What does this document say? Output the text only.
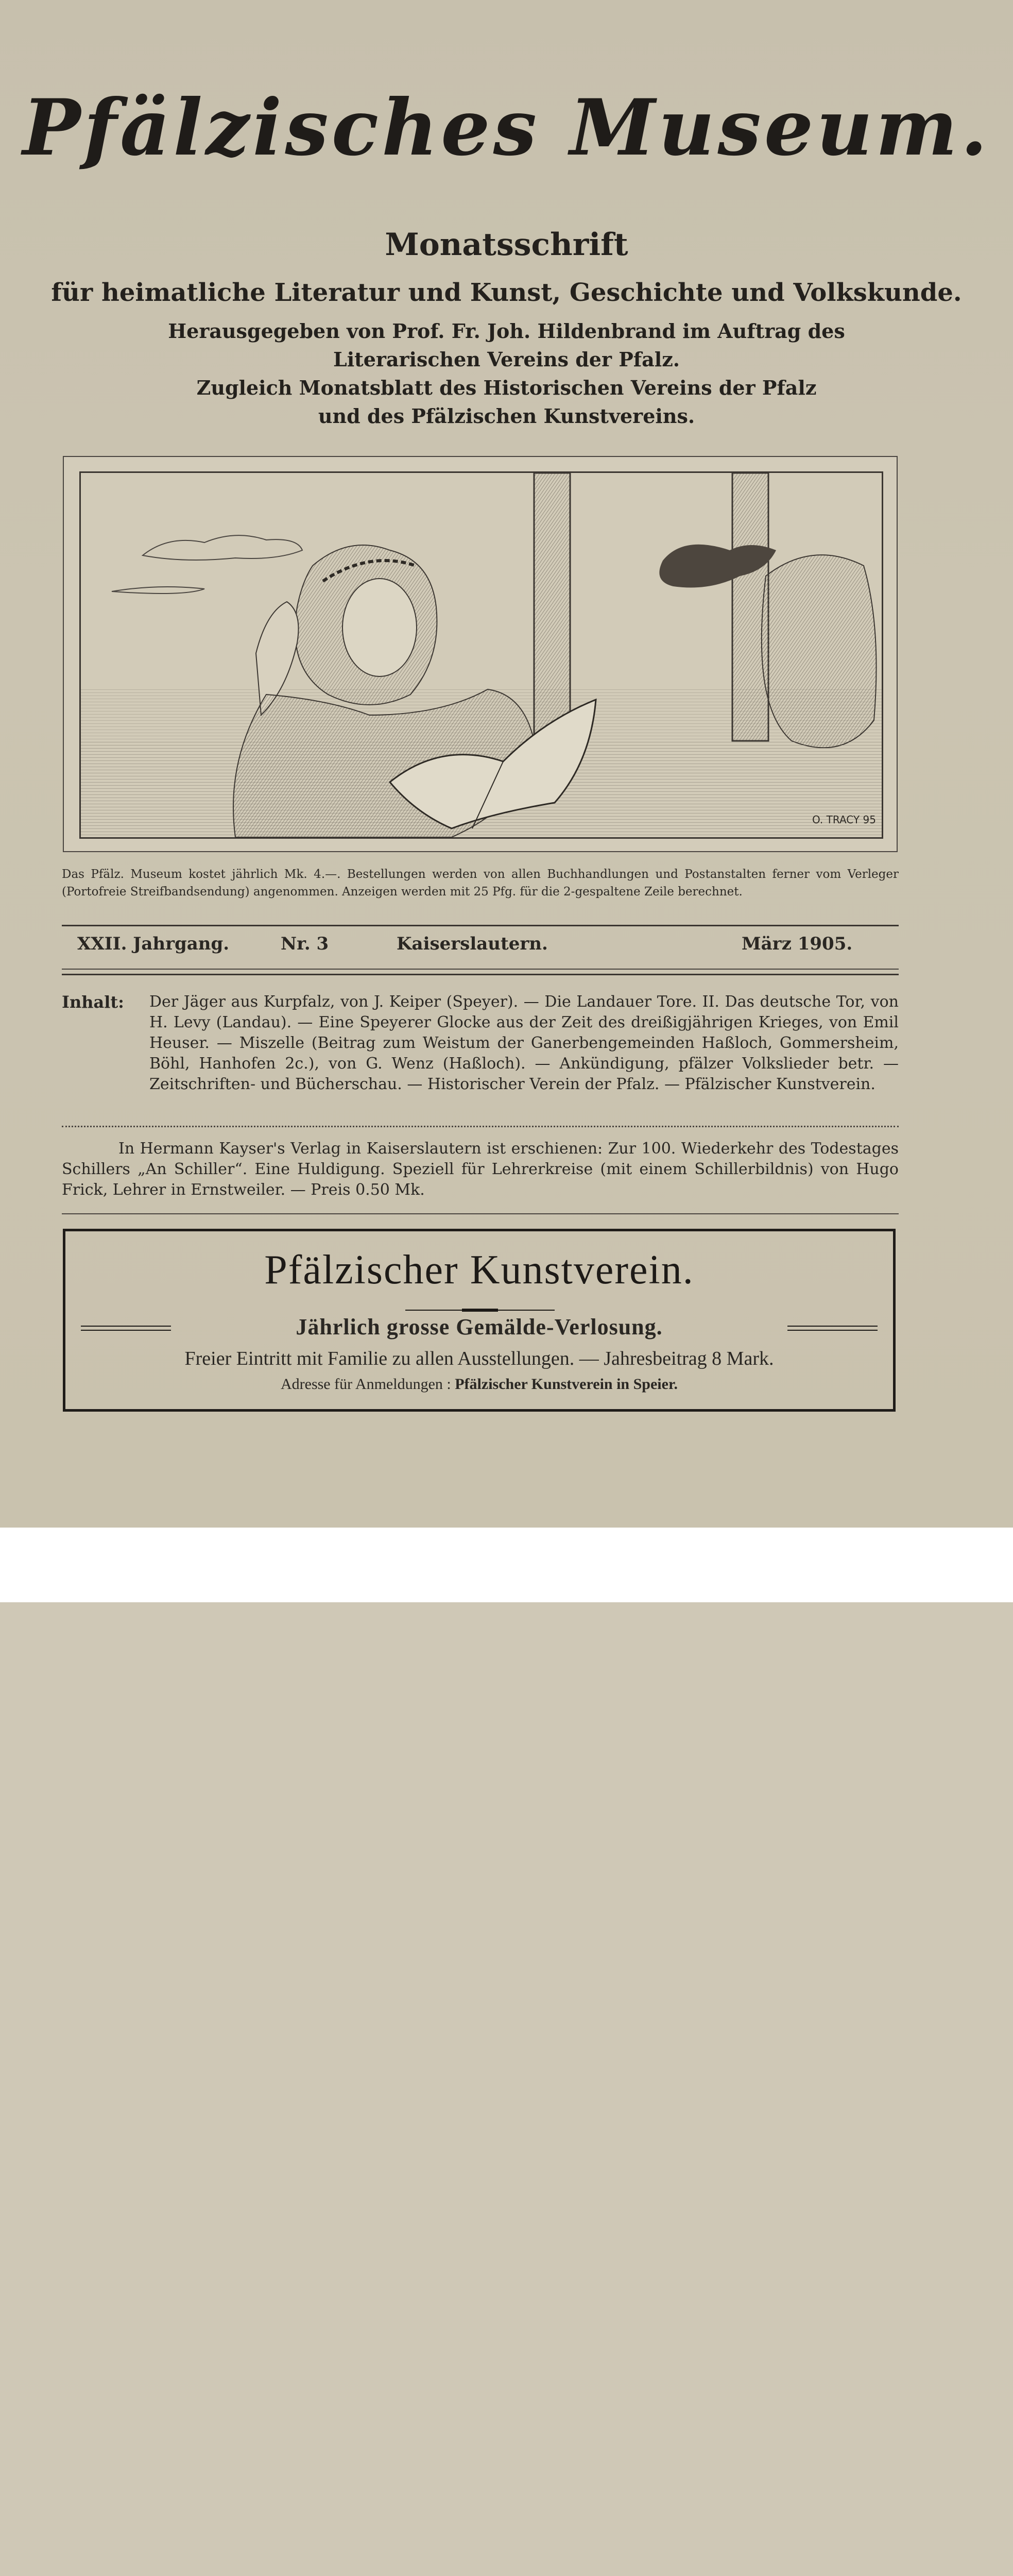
Pfälzisches Museum.
Monatsschrift
für heimatliche Literatur und Kunst, Geschichte und Volkskunde.
Herausgegeben von Prof. Fr. Joh. Hildenbrand im Auftrag des
Literarischen Vereins der Pfalz.
Zugleich Monatsblatt des Historischen Vereins der Pfalz
und des Pfälzischen Kunstvereins.
O. TRACY 95
Das Pfälz. Museum kostet jährlich Mk. 4.—. Bestellungen werden von allen Buchhandlungen und Postanstalten ferner vom Verleger (Portofreie Streifbandsendung) angenommen. Anzeigen werden mit 25 Pfg. für die 2-gespaltene Zeile berechnet.
XXII. Jahrgang.	Nr. 3	Kaiserslautern.	März 1905.
Inhalt: Der Jäger aus Kurpfalz, von J. Keiper (Speyer). — Die Landauer Tore. II. Das deutsche Tor, von H. Levy (Landau). — Eine Speyerer Glocke aus der Zeit des dreißigjährigen Krieges, von Emil Heuser. — Miszelle (Beitrag zum Weistum der Ganerbengemeinden Haßloch, Gommersheim, Böhl, Hanhofen 2c.), von G. Wenz (Haßloch). — Ankündigung, pfälzer Volkslieder betr. — Zeitschriften- und Bücherschau. — Historischer Verein der Pfalz. — Pfälzischer Kunstverein.
In Hermann Kayser's Verlag in Kaiserslautern ist erschienen: Zur 100. Wiederkehr des Todestages Schillers „An Schiller“. Eine Huldigung. Speziell für Lehrerkreise (mit einem Schillerbildnis) von Hugo Frick, Lehrer in Ernstweiler. — Preis 0.50 Mk.
Pfälzischer Kunstverein.
Jährlich grosse Gemälde-Verlosung.
Freier Eintritt mit Familie zu allen Ausstellungen. — Jahresbeitrag 8 Mark.
Adresse für Anmeldungen : Pfälzischer Kunstverein in Speier.
